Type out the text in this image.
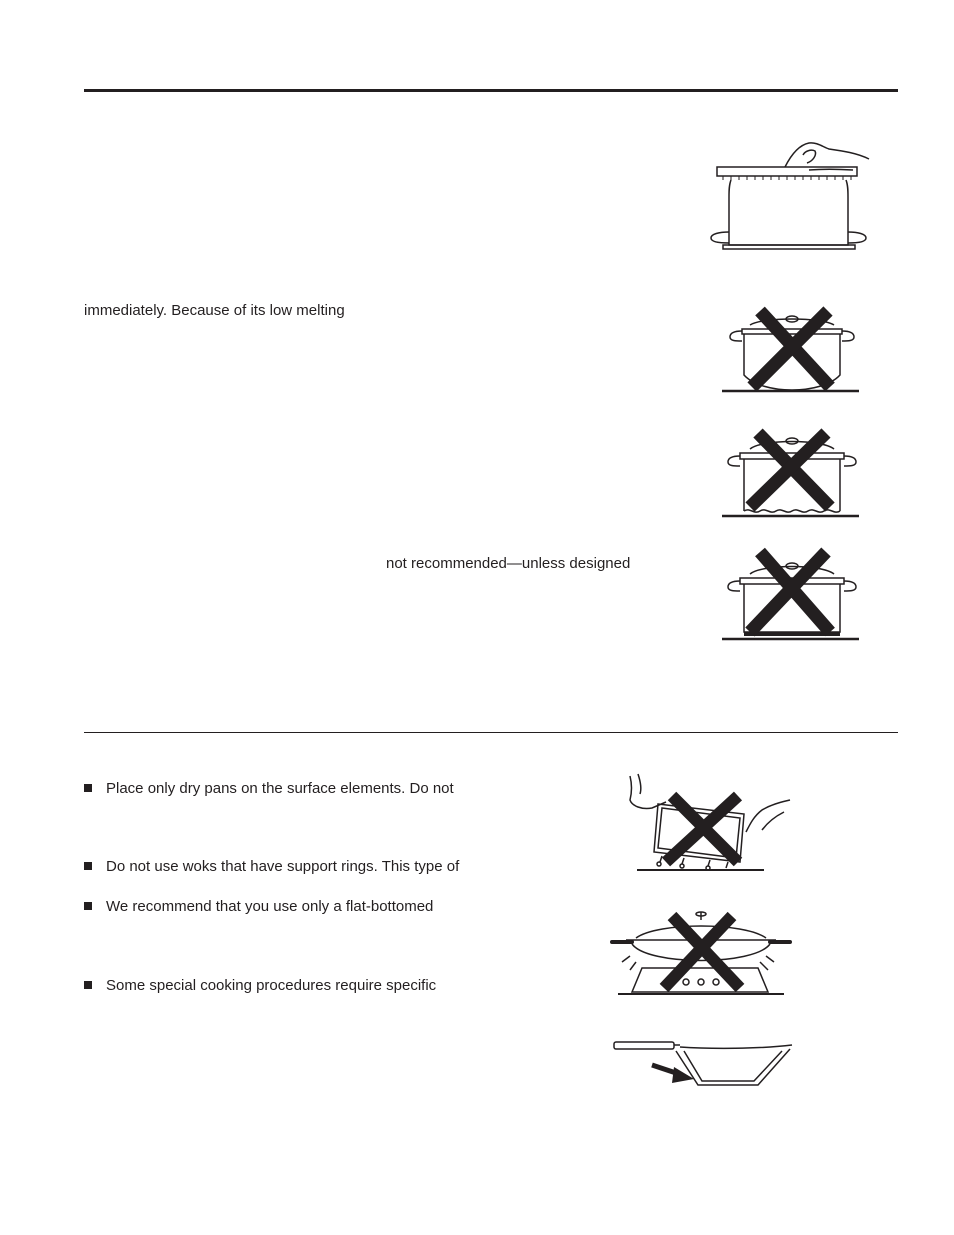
immediately. Because of its low melting
not recommended—unless designed
Place only dry pans on the surface elements. Do not
Do not use woks that have support rings. This type of
We recommend that you use only a flat-bottomed
Some special cooking procedures require specific
